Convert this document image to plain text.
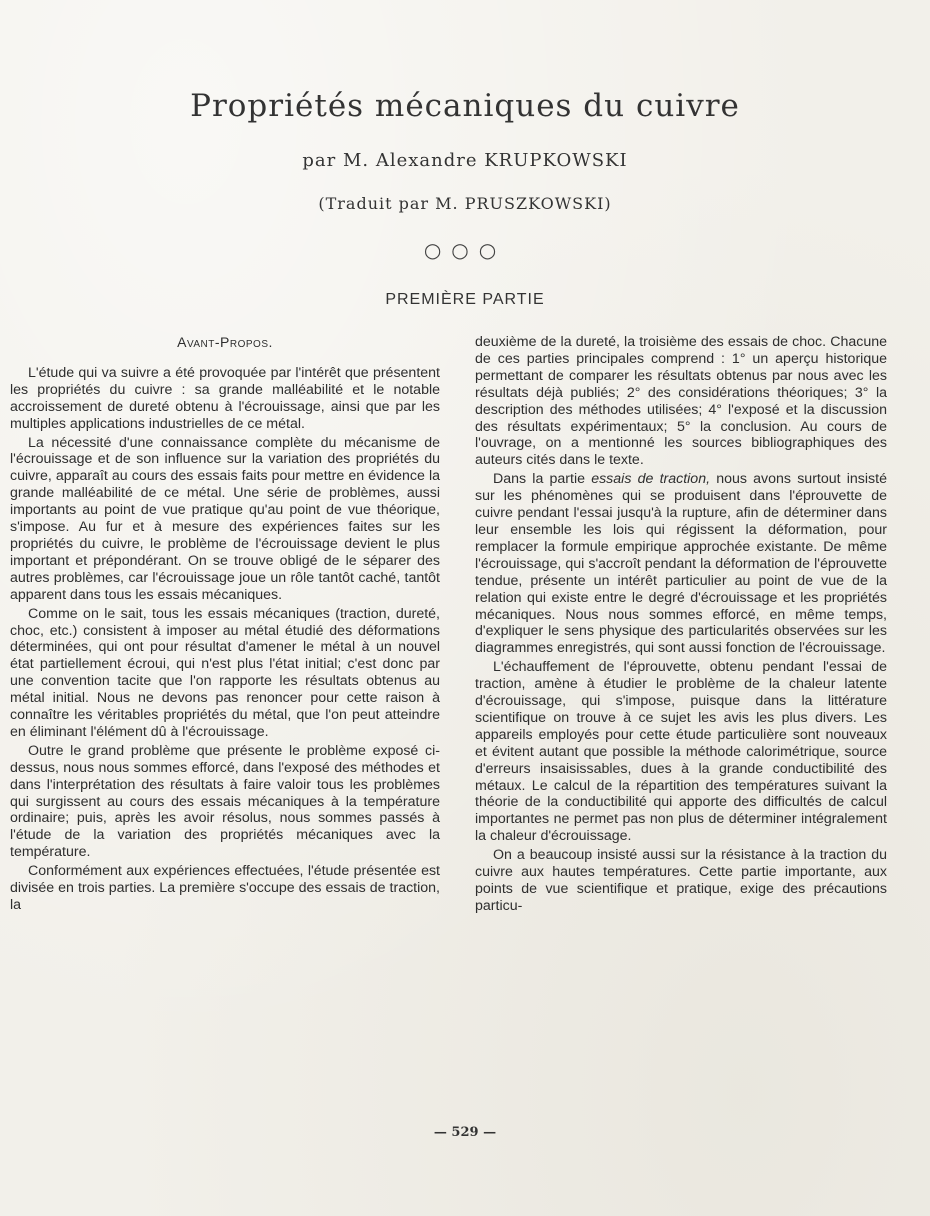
Propriétés mécaniques du cuivre
par M. Alexandre KRUPKOWSKI
(Traduit par M. PRUSZKOWSKI)
○○○
PREMIÈRE PARTIE
Avant-Propos.

L'étude qui va suivre a été provoquée par l'intérêt que présentent les propriétés du cuivre : sa grande malléabilité et le notable accroissement de dureté obtenu à l'écrouissage, ainsi que par les multiples applications industrielles de ce métal.

La nécessité d'une connaissance complète du mécanisme de l'écrouissage et de son influence sur la variation des propriétés du cuivre, apparaît au cours des essais faits pour mettre en évidence la grande malléabilité de ce métal. Une série de problèmes, aussi importants au point de vue pratique qu'au point de vue théorique, s'impose. Au fur et à mesure des expériences faites sur les propriétés du cuivre, le problème de l'écrouissage devient le plus important et prépondérant. On se trouve obligé de le séparer des autres problèmes, car l'écrouissage joue un rôle tantôt caché, tantôt apparent dans tous les essais mécaniques.

Comme on le sait, tous les essais mécaniques (traction, dureté, choc, etc.) consistent à imposer au métal étudié des déformations déterminées, qui ont pour résultat d'amener le métal à un nouvel état partiellement écroui, qui n'est plus l'état initial; c'est donc par une convention tacite que l'on rapporte les résultats obtenus au métal initial. Nous ne devons pas renoncer pour cette raison à connaître les véritables propriétés du métal, que l'on peut atteindre en éliminant l'élément dû à l'écrouissage.

Outre le grand problème que présente le problème exposé ci-dessus, nous nous sommes efforcé, dans l'exposé des méthodes et dans l'interprétation des résultats à faire valoir tous les problèmes qui surgissent au cours des essais mécaniques à la température ordinaire; puis, après les avoir résolus, nous sommes passés à l'étude de la variation des propriétés mécaniques avec la température.

Conformément aux expériences effectuées, l'étude présentée est divisée en trois parties. La première s'occupe des essais de traction, la

deuxième de la dureté, la troisième des essais de choc. Chacune de ces parties principales comprend : 1° un aperçu historique permettant de comparer les résultats obtenus par nous avec les résultats déjà publiés; 2° des considérations théoriques; 3° la description des méthodes utilisées; 4° l'exposé et la discussion des résultats expérimentaux; 5° la conclusion. Au cours de l'ouvrage, on a mentionné les sources bibliographiques des auteurs cités dans le texte.

Dans la partie essais de traction, nous avons surtout insisté sur les phénomènes qui se produisent dans l'éprouvette de cuivre pendant l'essai jusqu'à la rupture, afin de déterminer dans leur ensemble les lois qui régissent la déformation, pour remplacer la formule empirique approchée existante. De même l'écrouissage, qui s'accroît pendant la déformation de l'éprouvette tendue, présente un intérêt particulier au point de vue de la relation qui existe entre le degré d'écrouissage et les propriétés mécaniques. Nous nous sommes efforcé, en même temps, d'expliquer le sens physique des particularités observées sur les diagrammes enregistrés, qui sont aussi fonction de l'écrouissage.

L'échauffement de l'éprouvette, obtenu pendant l'essai de traction, amène à étudier le problème de la chaleur latente d'écrouissage, qui s'impose, puisque dans la littérature scientifique on trouve à ce sujet les avis les plus divers. Les appareils employés pour cette étude particulière sont nouveaux et évitent autant que possible la méthode calorimétrique, source d'erreurs insaisissables, dues à la grande conductibilité des métaux. Le calcul de la répartition des températures suivant la théorie de la conductibilité qui apporte des difficultés de calcul importantes ne permet pas non plus de déterminer intégralement la chaleur d'écrouissage.

On a beaucoup insisté aussi sur la résistance à la traction du cuivre aux hautes températures. Cette partie importante, aux points de vue scientifique et pratique, exige des précautions particu-

— 529 —
